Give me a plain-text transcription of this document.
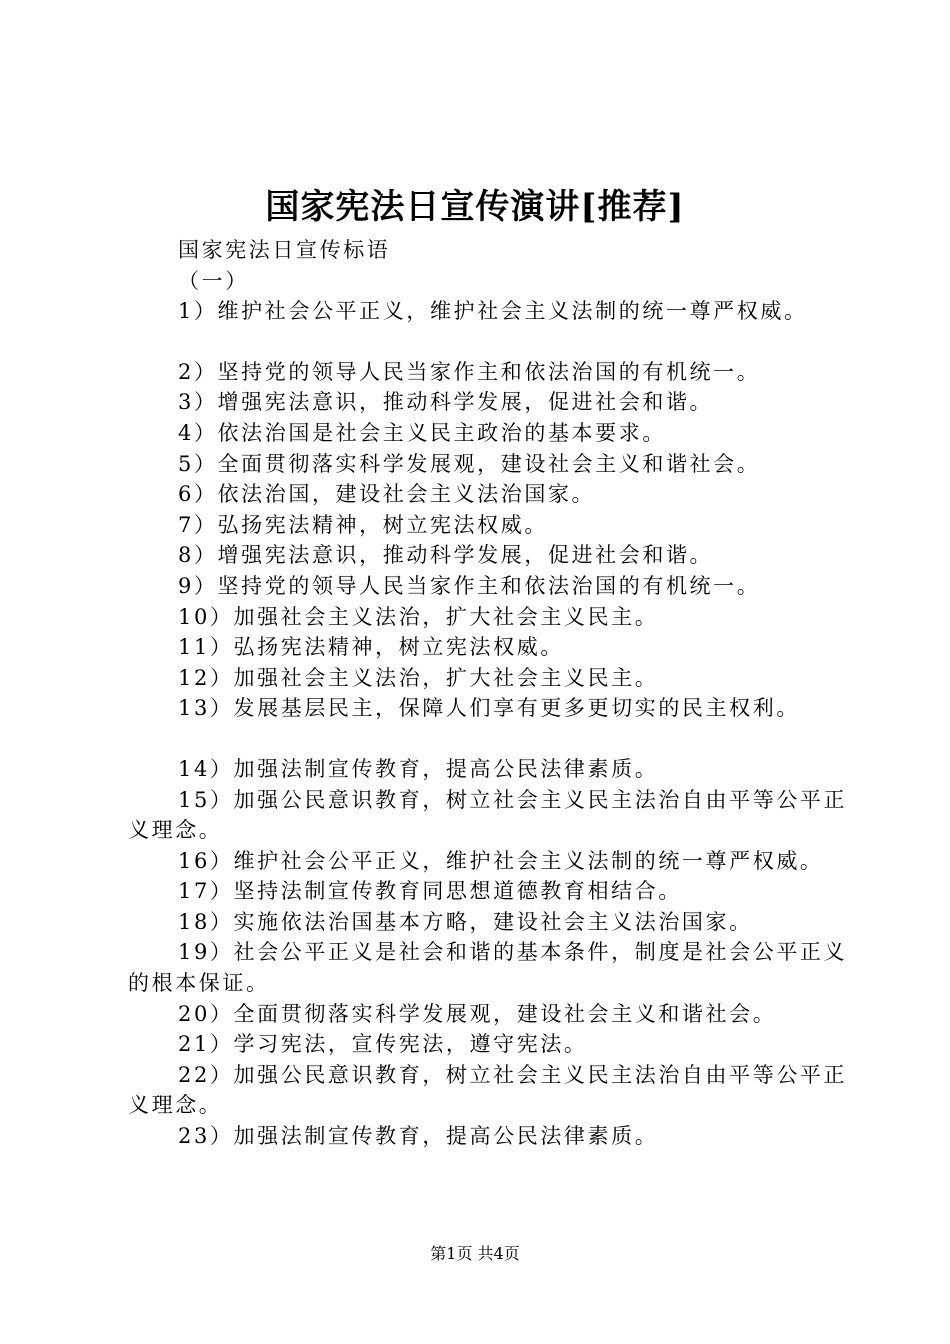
国家宪法日宣传演讲[推荐]
国家宪法日宣传标语
（一）
1）维护社会公平正义，维护社会主义法制的统一尊严权威。
2）坚持党的领导人民当家作主和依法治国的有机统一。
3）增强宪法意识，推动科学发展，促进社会和谐。
4）依法治国是社会主义民主政治的基本要求。
5）全面贯彻落实科学发展观，建设社会主义和谐社会。
6）依法治国，建设社会主义法治国家。
7）弘扬宪法精神，树立宪法权威。
8）增强宪法意识，推动科学发展，促进社会和谐。
9）坚持党的领导人民当家作主和依法治国的有机统一。
10）加强社会主义法治，扩大社会主义民主。
11）弘扬宪法精神，树立宪法权威。
12）加强社会主义法治，扩大社会主义民主。
13）发展基层民主，保障人们享有更多更切实的民主权利。
14）加强法制宣传教育，提高公民法律素质。
15）加强公民意识教育，树立社会主义民主法治自由平等公平正义理念。
16）维护社会公平正义，维护社会主义法制的统一尊严权威。
17）坚持法制宣传教育同思想道德教育相结合。
18）实施依法治国基本方略，建设社会主义法治国家。
19）社会公平正义是社会和谐的基本条件，制度是社会公平正义的根本保证。
20）全面贯彻落实科学发展观，建设社会主义和谐社会。
21）学习宪法，宣传宪法，遵守宪法。
22）加强公民意识教育，树立社会主义民主法治自由平等公平正义理念。
23）加强法制宣传教育，提高公民法律素质。
第1页 共4页
